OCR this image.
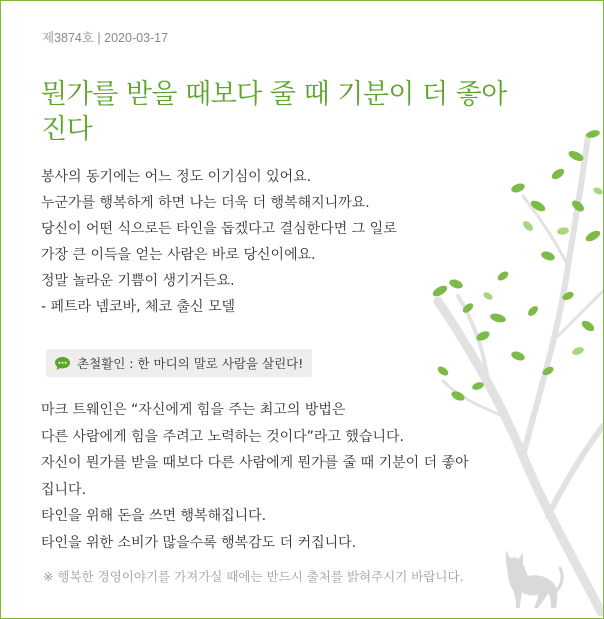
제3874호 | 2020-03-17
뭔가를 받을 때보다 줄 때 기분이 더 좋아진다
봉사의 동기에는 어느 정도 이기심이 있어요.
누군가를 행복하게 하면 나는 더욱 더 행복해지니까요.
당신이 어떤 식으로든 타인을 돕겠다고 결심한다면 그 일로
가장 큰 이득을 얻는 사람은 바로 당신이에요.
정말 놀라운 기쁨이 생기거든요.
- 페트라 넴코바, 체코 출신 모델
촌철활인 : 한 마디의 말로 사람을 살린다!
마크 트웨인은 “자신에게 힘을 주는 최고의 방법은
다른 사람에게 힘을 주려고 노력하는 것이다”라고 했습니다.
자신이 뭔가를 받을 때보다 다른 사람에게 뭔가를 줄 때 기분이 더 좋아
집니다.
타인을 위해 돈을 쓰면 행복해집니다.
타인을 위한 소비가 많을수록 행복감도 더 커집니다.
※ 행복한 경영이야기를 가져가실 때에는 반드시 출처를 밝혀주시기 바랍니다.
